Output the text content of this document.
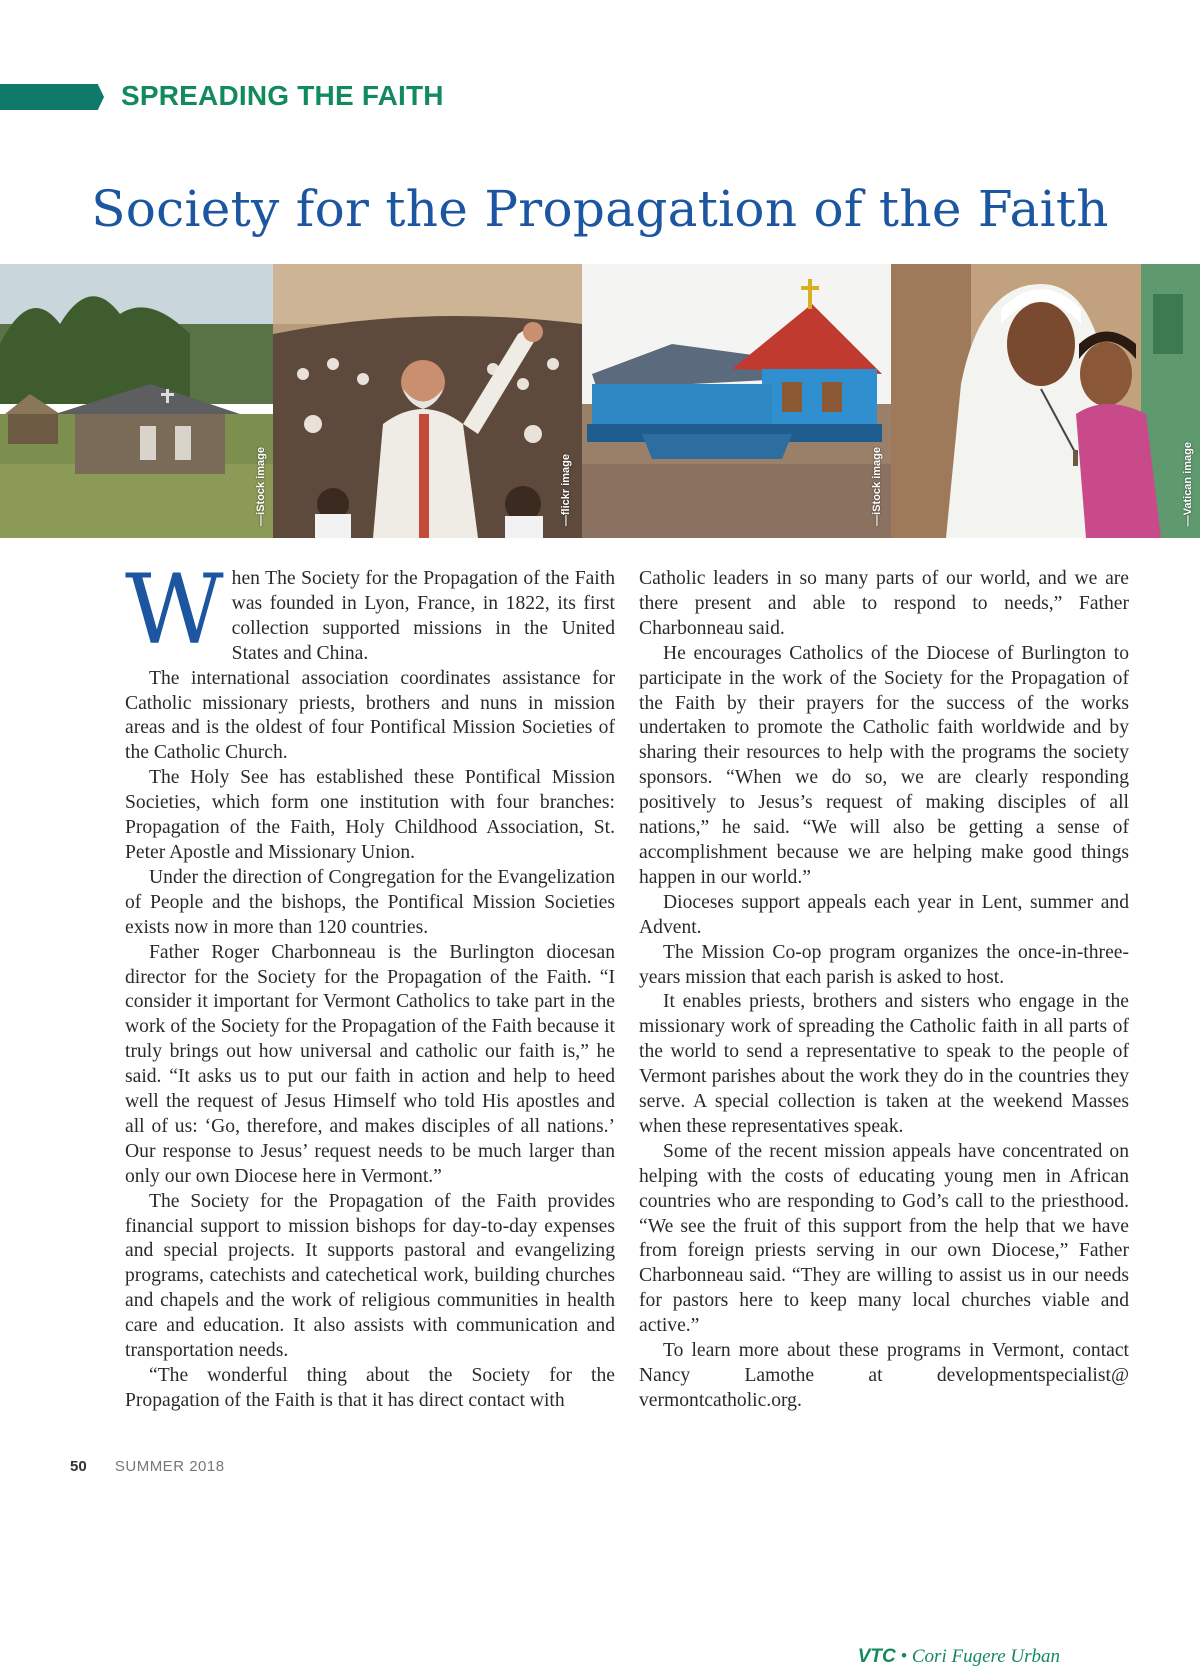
SPREADING THE FAITH
Society for the Propagation of the Faith
—iStock image	—flickr image	—iStock image	—Vatican image

When The Society for the Propagation of the Faith was founded in Lyon, France, in 1822, its first collection supported missions in the United States and China.

The international association coordinates assistance for Catholic missionary priests, brothers and nuns in mission areas and is the oldest of four Pontifical Mission Societies of the Catholic Church.

The Holy See has established these Pontifical Mission Societies, which form one institution with four branches: Propagation of the Faith, Holy Childhood Association, St. Peter Apostle and Missionary Union.

Under the direction of Congregation for the Evangelization of People and the bishops, the Pontifical Mission Societies exists now in more than 120 countries.

Father Roger Charbonneau is the Burlington diocesan director for the Society for the Propagation of the Faith. “I consider it important for Vermont Catholics to take part in the work of the Society for the Propagation of the Faith because it truly brings out how universal and catholic our faith is,” he said. “It asks us to put our faith in action and help to heed well the request of Jesus Himself who told His apostles and all of us: ‘Go, therefore, and makes disciples of all nations.’ Our response to Jesus’ request needs to be much larger than only our own Diocese here in Vermont.”

The Society for the Propagation of the Faith provides financial support to mission bishops for day-to-day expenses and special projects. It supports pastoral and evangelizing programs, catechists and catechetical work, building churches and chapels and the work of religious communities in health care and education. It also assists with communication and transportation needs.

“The wonderful thing about the Society for the Propagation of the Faith is that it has direct contact with

Catholic leaders in so many parts of our world, and we are there present and able to respond to needs,” Father Charbonneau said.

He encourages Catholics of the Diocese of Burlington to participate in the work of the Society for the Propagation of the Faith by their prayers for the success of the works undertaken to promote the Catholic faith worldwide and by sharing their resources to help with the programs the society sponsors. “When we do so, we are clearly responding positively to Jesus’s request of making disciples of all nations,” he said. “We will also be getting a sense of accomplishment because we are helping make good things happen in our world.”

Dioceses support appeals each year in Lent, summer and Advent.

The Mission Co-op program organizes the once-in-three-years mission that each parish is asked to host.

It enables priests, brothers and sisters who engage in the missionary work of spreading the Catholic faith in all parts of the world to send a representative to speak to the people of Vermont parishes about the work they do in the countries they serve. A special collection is taken at the weekend Masses when these representatives speak.

Some of the recent mission appeals have concentrated on helping with the costs of educating young men in African countries who are responding to God’s call to the priesthood. “We see the fruit of this support from the help that we have from foreign priests serving in our own Diocese,” Father Charbonneau said. “They are willing to assist us in our needs for pastors here to keep many local churches viable and active.”

To learn more about these programs in Vermont, contact Nancy Lamothe at developmentspecialist@ vermontcatholic.org.

VTC • Cori Fugere Urban
50 SUMMER 2018
